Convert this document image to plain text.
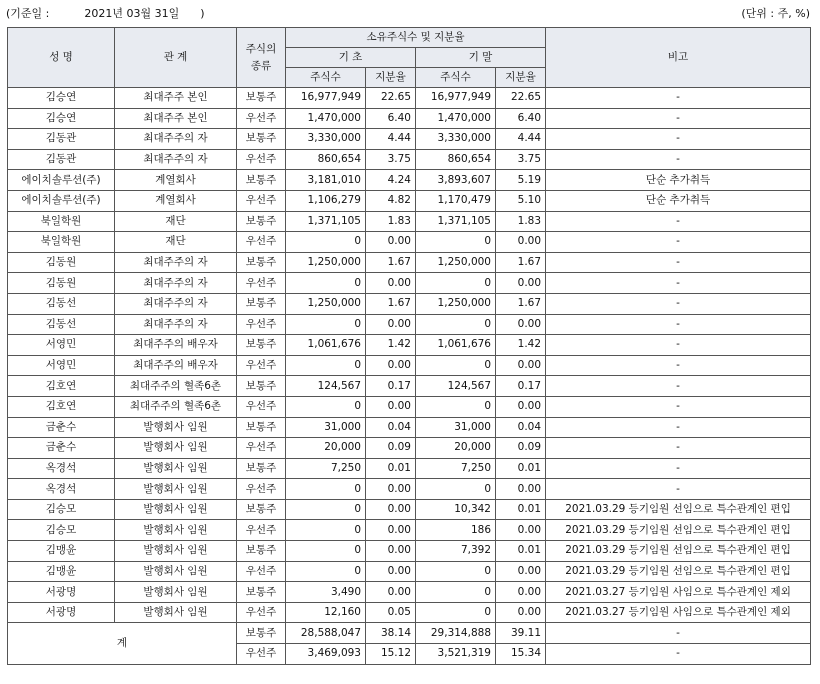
(기준일 :	2021년 03월 31일 )	(단위 : 주, %)
성 명	관 계	주식의
종류	소유주식수 및 지분율				비고
			기 초		기 말		
			주식수	지분율	주식수	지분율	
김승연	최대주주 본인	보통주	16,977,949	22.65	16,977,949	22.65	-
김승연	최대주주 본인	우선주	1,470,000	6.40	1,470,000	6.40	-
김동관	최대주주의 자	보통주	3,330,000	4.44	3,330,000	4.44	-
김동관	최대주주의 자	우선주	860,654	3.75	860,654	3.75	-
에이치솔루션(주)	계열회사	보통주	3,181,010	4.24	3,893,607	5.19	단순 추가취득
에이치솔루션(주)	계열회사	우선주	1,106,279	4.82	1,170,479	5.10	단순 추가취득
북일학원	재단	보통주	1,371,105	1.83	1,371,105	1.83	-
북일학원	재단	우선주	0	0.00	0	0.00	-
김동원	최대주주의 자	보통주	1,250,000	1.67	1,250,000	1.67	-
김동원	최대주주의 자	우선주	0	0.00	0	0.00	-
김동선	최대주주의 자	보통주	1,250,000	1.67	1,250,000	1.67	-
김동선	최대주주의 자	우선주	0	0.00	0	0.00	-
서영민	최대주주의 배우자	보통주	1,061,676	1.42	1,061,676	1.42	-
서영민	최대주주의 배우자	우선주	0	0.00	0	0.00	-
김호연	최대주주의 혈족6촌	보통주	124,567	0.17	124,567	0.17	-
김호연	최대주주의 혈족6촌	우선주	0	0.00	0	0.00	-
금춘수	발행회사 임원	보통주	31,000	0.04	31,000	0.04	-
금춘수	발행회사 임원	우선주	20,000	0.09	20,000	0.09	-
옥경석	발행회사 임원	보통주	7,250	0.01	7,250	0.01	-
옥경석	발행회사 임원	우선주	0	0.00	0	0.00	-
김승모	발행회사 임원	보통주	0	0.00	10,342	0.01	2021.03.29 등기임원 선임으로 특수관계인 편입
김승모	발행회사 임원	우선주	0	0.00	186	0.00	2021.03.29 등기임원 선임으로 특수관계인 편입
김맹윤	발행회사 임원	보통주	0	0.00	7,392	0.01	2021.03.29 등기임원 선임으로 특수관계인 편입
김맹윤	발행회사 임원	우선주	0	0.00	0	0.00	2021.03.29 등기임원 선임으로 특수관계인 편입
서광명	발행회사 임원	보통주	3,490	0.00	0	0.00	2021.03.27 등기임원 사임으로 특수관계인 제외
서광명	발행회사 임원	우선주	12,160	0.05	0	0.00	2021.03.27 등기임원 사임으로 특수관계인 제외
계		보통주	28,588,047	38.14	29,314,888	39.11	-
		우선주	3,469,093	15.12	3,521,319	15.34	-
